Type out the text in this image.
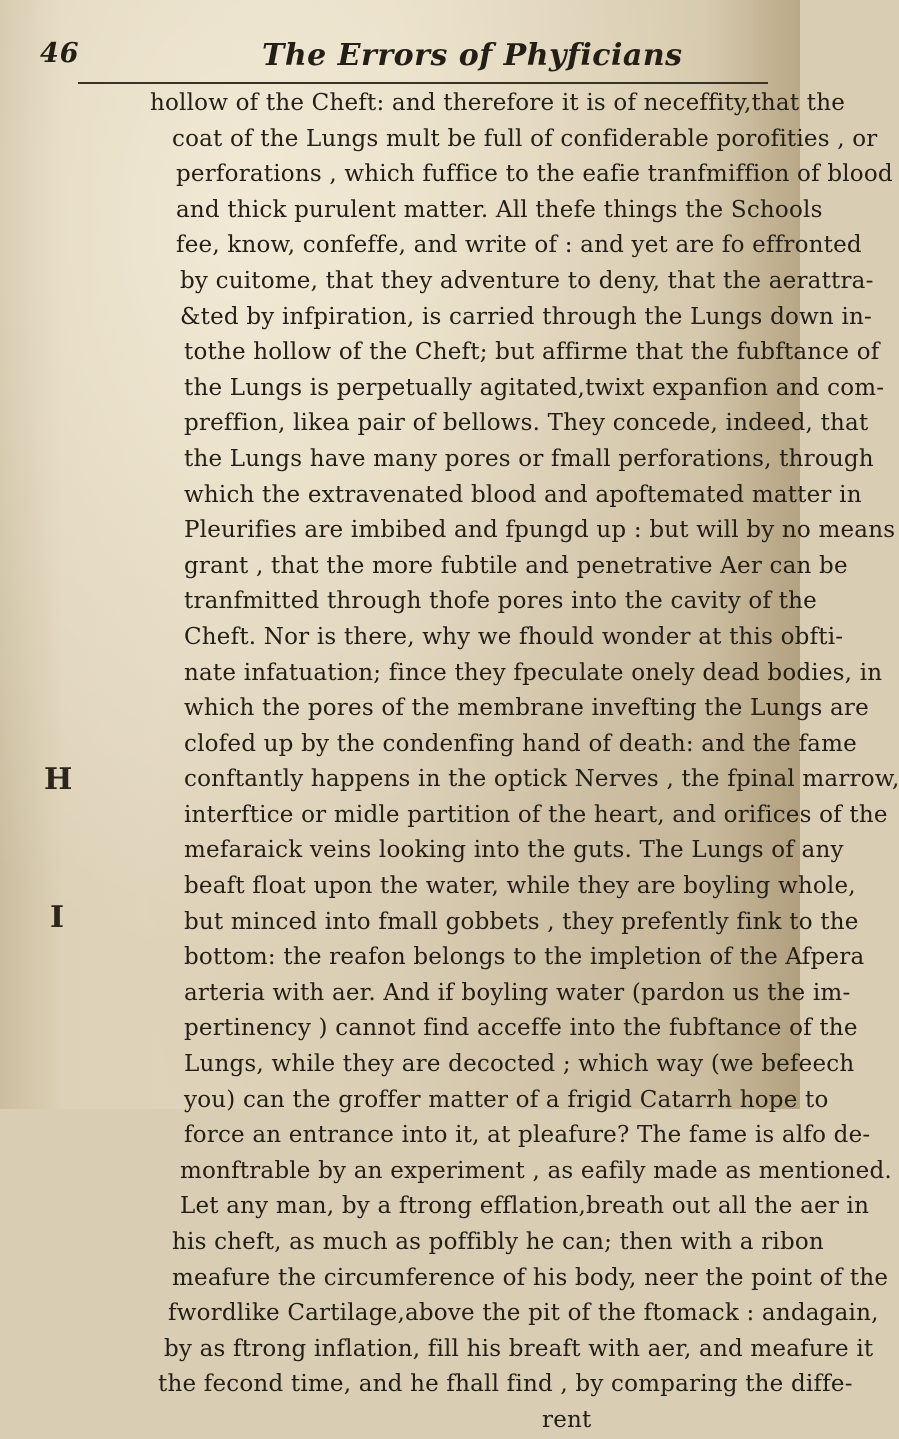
46	The Errors of Phyficians
H
I
hollow of the Cheft: and therefore it is of neceffity,that the
coat of the Lungs mult be full of confiderable porofities , or
perforations , which fuffice to the eafie tranfmiffion of blood
and thick purulent matter. All thefe things the Schools
fee, know, confeffe, and write of : and yet are fo effronted
by cuitome, that they adventure to deny, that the aerattra-
&ted by infpiration, is carried through the Lungs down in-
tothe hollow of the Cheft; but affirme that the fubftance of
the Lungs is perpetually agitated,twixt expanfion and com-
preffion, likea pair of bellows. They concede, indeed, that
the Lungs have many pores or fmall perforations, through
which the extravenated blood and apoftemated matter in
Pleurifies are imbibed and fpungd up : but will by no means
grant , that the more fubtile and penetrative Aer can be
tranfmitted through thofe pores into the cavity of the
Cheft. Nor is there, why we fhould wonder at this obfti-
nate infatuation; fince they fpeculate onely dead bodies, in
which the pores of the membrane invefting the Lungs are
clofed up by the condenfing hand of death: and the fame
conftantly happens in the optick Nerves , the fpinal marrow,
interftice or midle partition of the heart, and orifices of the
mefaraick veins looking into the guts. The Lungs of any
beaft float upon the water, while they are boyling whole,
but minced into fmall gobbets , they prefently fink to the
bottom: the reafon belongs to the impletion of the Afpera
arteria with aer. And if boyling water (pardon us the im-
pertinency ) cannot find acceffe into the fubftance of the
Lungs, while they are decocted ; which way (we befeech
you) can the groffer matter of a frigid Catarrh hope to
force an entrance into it, at pleafure? The fame is alfo de-
monftrable by an experiment , as eafily made as mentioned.
Let any man, by a ftrong efflation,breath out all the aer in
his cheft, as much as poffibly he can; then with a ribon
meafure the circumference of his body, neer the point of the
fwordlike Cartilage,above the pit of the ftomack : andagain,
by as ftrong inflation, fill his breaft with aer, and meafure it
the fecond time, and he fhall find , by comparing the diffe-
rent
